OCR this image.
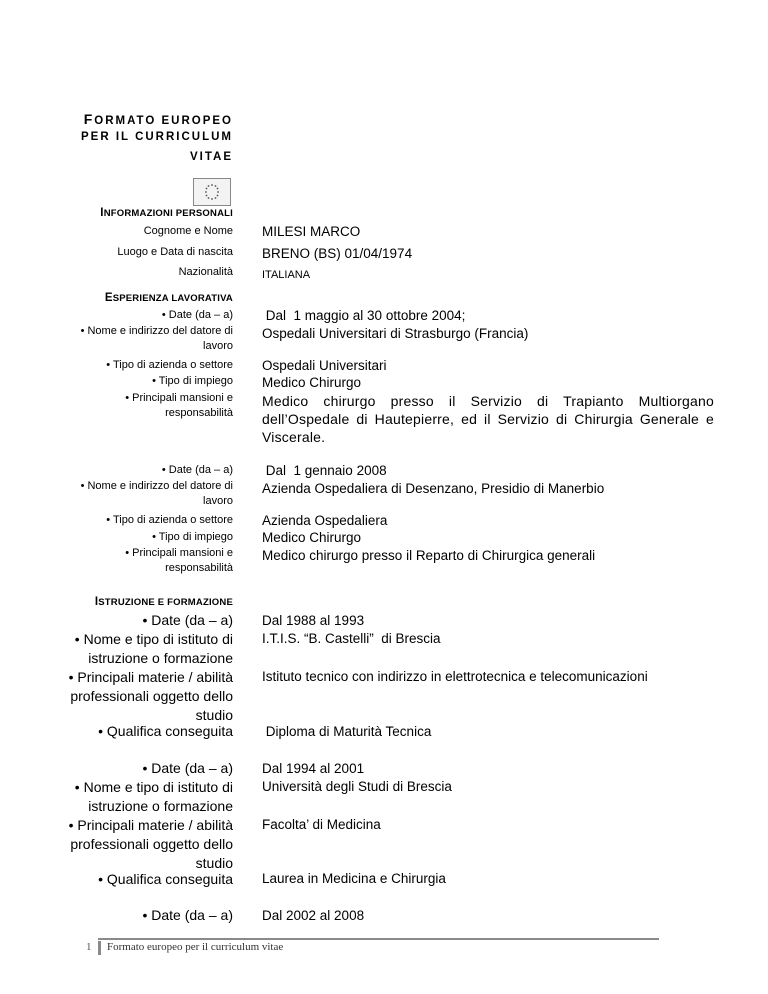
FORMATO EUROPEO
PER IL CURRICULUM
VITAE
INFORMAZIONI PERSONALI
Cognome e Nome MILESI MARCO
Luogo e Data di nascita BRENO (BS) 01/04/1974
Nazionalità	ITALIANA
ESPERIENZA LAVORATIVA
• Date (da – a)
• Nome e indirizzo del datore di
lavoro
• Tipo di azienda o settore
• Tipo di impiego
• Principali mansioni e
responsabilità
Dal  1 maggio al 30 ottobre 2004;
Ospedali Universitari di Strasburgo (Francia)
Ospedali Universitari
Medico Chirurgo
Medico chirurgo presso il Servizio di Trapianto Multiorgano dell’Ospedale di Hautepierre, ed il Servizio di Chirurgia Generale e Viscerale.
• Date (da – a)
• Nome e indirizzo del datore di
lavoro
• Tipo di azienda o settore
• Tipo di impiego
• Principali mansioni e
responsabilità
Dal  1 gennaio 2008
Azienda Ospedaliera di Desenzano, Presidio di Manerbio
Azienda Ospedaliera
Medico Chirurgo
Medico chirurgo presso il Reparto di Chirurgica generali
ISTRUZIONE E FORMAZIONE
• Date (da – a)
• Nome e tipo di istituto di
istruzione o formazione
• Principali materie / abilità
professionali oggetto dello
studio
• Qualifica conseguita
Dal 1988 al 1993
I.T.I.S. “B. Castelli”  di Brescia
Istituto tecnico con indirizzo in elettrotecnica e telecomunicazioni
Diploma di Maturità Tecnica
• Date (da – a)
• Nome e tipo di istituto di
istruzione o formazione
• Principali materie / abilità
professionali oggetto dello
studio
• Qualifica conseguita
Dal 1994 al 2001
Università degli Studi di Brescia
Facolta’ di Medicina
Laurea in Medicina e Chirurgia
• Date (da – a) Dal 2002 al 2008
1 Formato europeo per il curriculum vitae
